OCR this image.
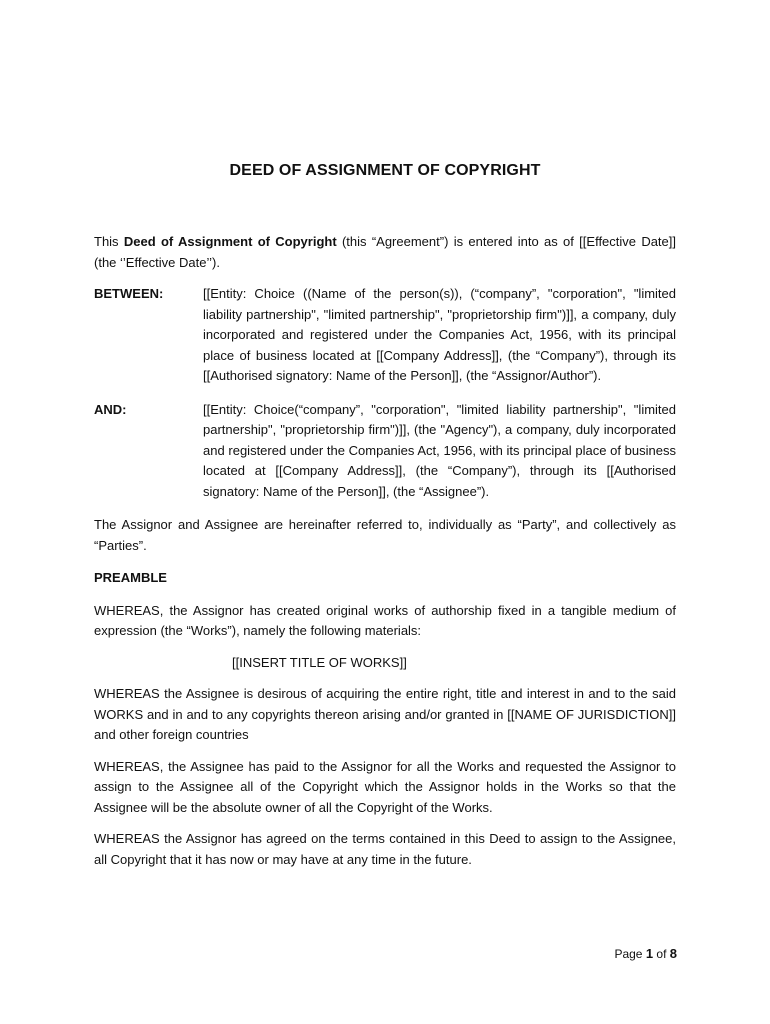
DEED OF ASSIGNMENT OF COPYRIGHT

This Deed of Assignment of Copyright (this “Agreement”) is entered into as of [[Effective Date]] (the ‘’Effective Date’’).

BETWEEN:	[[Entity: Choice ((Name of the person(s)), (“company”, "corporation", "limited liability partnership", "limited partnership", "proprietorship firm")]], a company, duly incorporated and registered under the Companies Act, 1956, with its principal place of business located at [[Company Address]], (the “Company”), through its [[Authorised signatory: Name of the Person]], (the “Assignor/Author”).
AND:	[[Entity: Choice(“company”, "corporation", "limited liability partnership", "limited partnership", "proprietorship firm")]], (the "Agency"), a company, duly incorporated and registered under the Companies Act, 1956, with its principal place of business located at [[Company Address]], (the “Company”), through its [[Authorised signatory: Name of the Person]], (the “Assignee”).

The Assignor and Assignee are hereinafter referred to, individually as “Party”, and collectively as “Parties”.

PREAMBLE

WHEREAS, the Assignor has created original works of authorship fixed in a tangible medium of expression (the “Works”), namely the following materials:

[[INSERT TITLE OF WORKS]]

WHEREAS the Assignee is desirous of acquiring the entire right, title and interest in and to the said WORKS and in and to any copyrights thereon arising and/or granted in [[NAME OF JURISDICTION]] and other foreign countries

WHEREAS, the Assignee has paid to the Assignor for all the Works and requested the Assignor to assign to the Assignee all of the Copyright which the Assignor holds in the Works so that the Assignee will be the absolute owner of all the Copyright of the Works.

WHEREAS the Assignor has agreed on the terms contained in this Deed to assign to the Assignee, all Copyright that it has now or may have at any time in the future.

Page 1 of 8
